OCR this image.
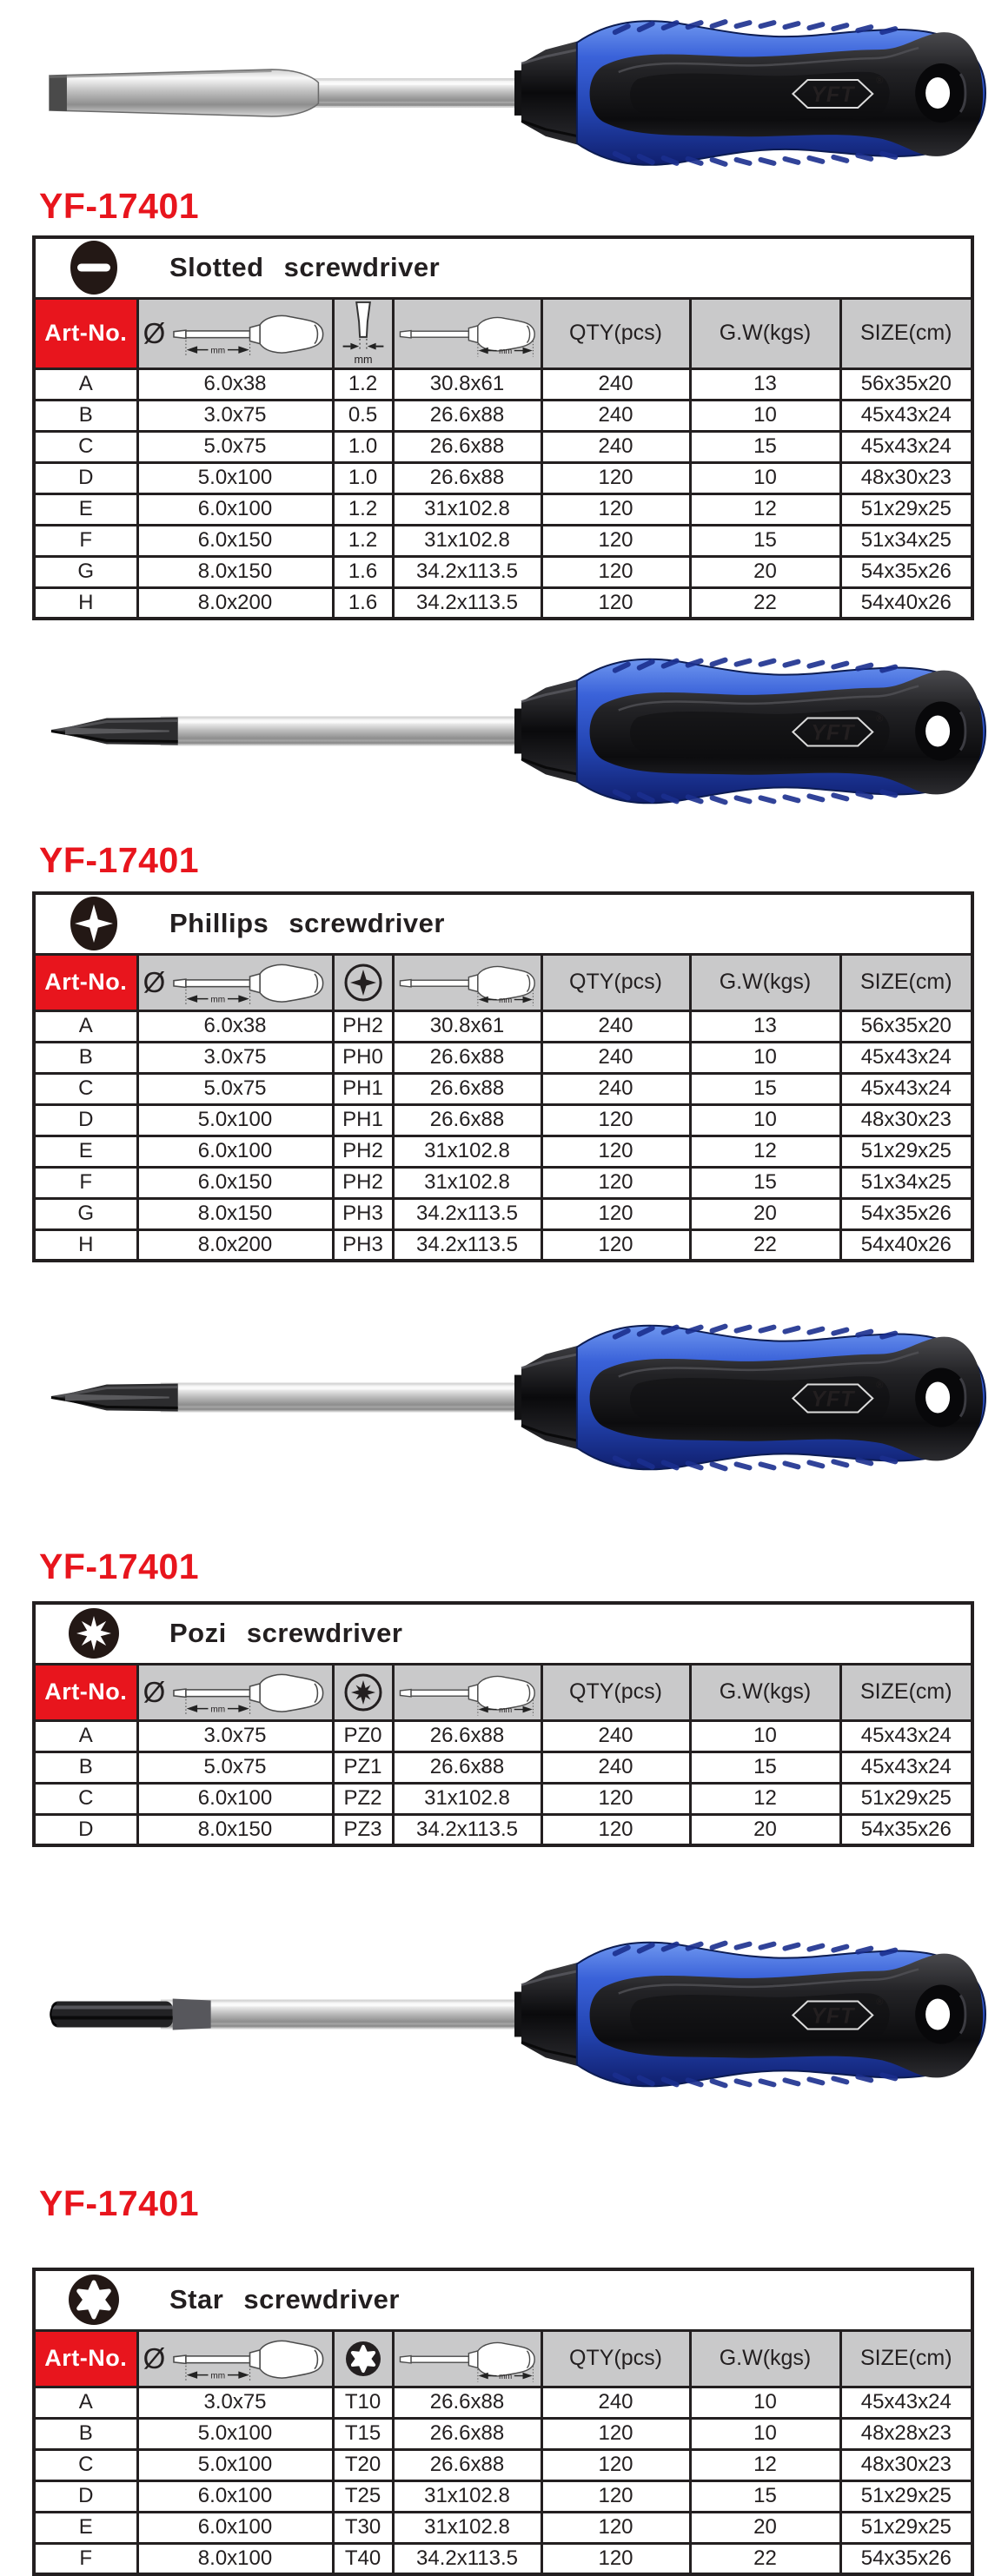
YF-17401
Slotted screwdriver						

Art-No.	Ø			QTY(pcs)	G.W(kgs)	SIZE(cm)
A	6.0x38	1.2	30.8x61	240	13	56x35x20
B	3.0x75	0.5	26.6x88	240	10	45x43x24
C	5.0x75	1.0	26.6x88	240	15	45x43x24
D	5.0x100	1.0	26.6x88	120	10	48x30x23
E	6.0x100	1.2	31x102.8	120	12	51x29x25
F	6.0x150	1.2	31x102.8	120	15	51x34x25
G	8.0x150	1.6	34.2x113.5	120	20	54x35x26
H	8.0x200	1.6	34.2x113.5	120	22	54x40x26
YF-17401
Phillips screwdriver						

Art-No.	Ø			QTY(pcs)	G.W(kgs)	SIZE(cm)
A	6.0x38	PH2	30.8x61	240	13	56x35x20
B	3.0x75	PH0	26.6x88	240	10	45x43x24
C	5.0x75	PH1	26.6x88	240	15	45x43x24
D	5.0x100	PH1	26.6x88	120	10	48x30x23
E	6.0x100	PH2	31x102.8	120	12	51x29x25
F	6.0x150	PH2	31x102.8	120	15	51x34x25
G	8.0x150	PH3	34.2x113.5	120	20	54x35x26
H	8.0x200	PH3	34.2x113.5	120	22	54x40x26
YF-17401
Pozi screwdriver						

Art-No.	Ø			QTY(pcs)	G.W(kgs)	SIZE(cm)
A	3.0x75	PZ0	26.6x88	240	10	45x43x24
B	5.0x75	PZ1	26.6x88	240	15	45x43x24
C	6.0x100	PZ2	31x102.8	120	12	51x29x25
D	8.0x150	PZ3	34.2x113.5	120	20	54x35x26
YF-17401
Star screwdriver						

Art-No.	Ø			QTY(pcs)	G.W(kgs)	SIZE(cm)
A	3.0x75	T10	26.6x88	240	10	45x43x24
B	5.0x100	T15	26.6x88	120	10	48x28x23
C	5.0x100	T20	26.6x88	120	12	48x30x23
D	6.0x100	T25	31x102.8	120	15	51x29x25
E	6.0x100	T30	31x102.8	120	20	51x29x25
F	8.0x100	T40	34.2x113.5	120	22	54x35x26
